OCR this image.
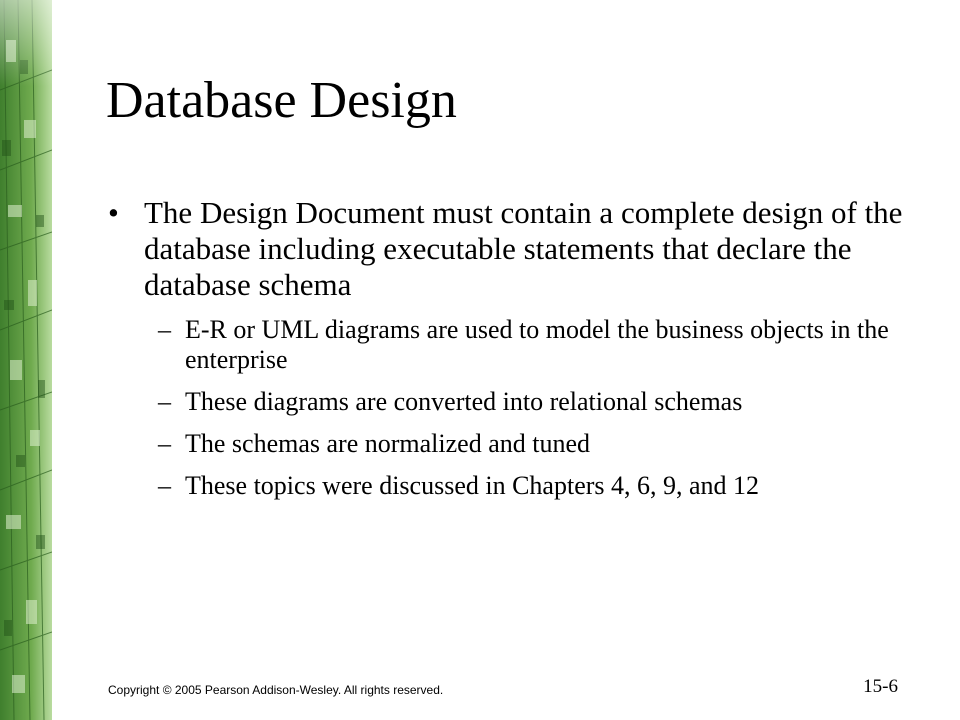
Database Design
• The Design Document must contain a complete design of the database including executable statements that declare the database schema
– E-R or UML diagrams are used to model the business objects in the enterprise
– These diagrams are converted into relational schemas
– The schemas are normalized and tuned
– These topics were discussed in Chapters 4, 6, 9, and 12
Copyright © 2005 Pearson Addison-Wesley. All rights reserved.	15-6
